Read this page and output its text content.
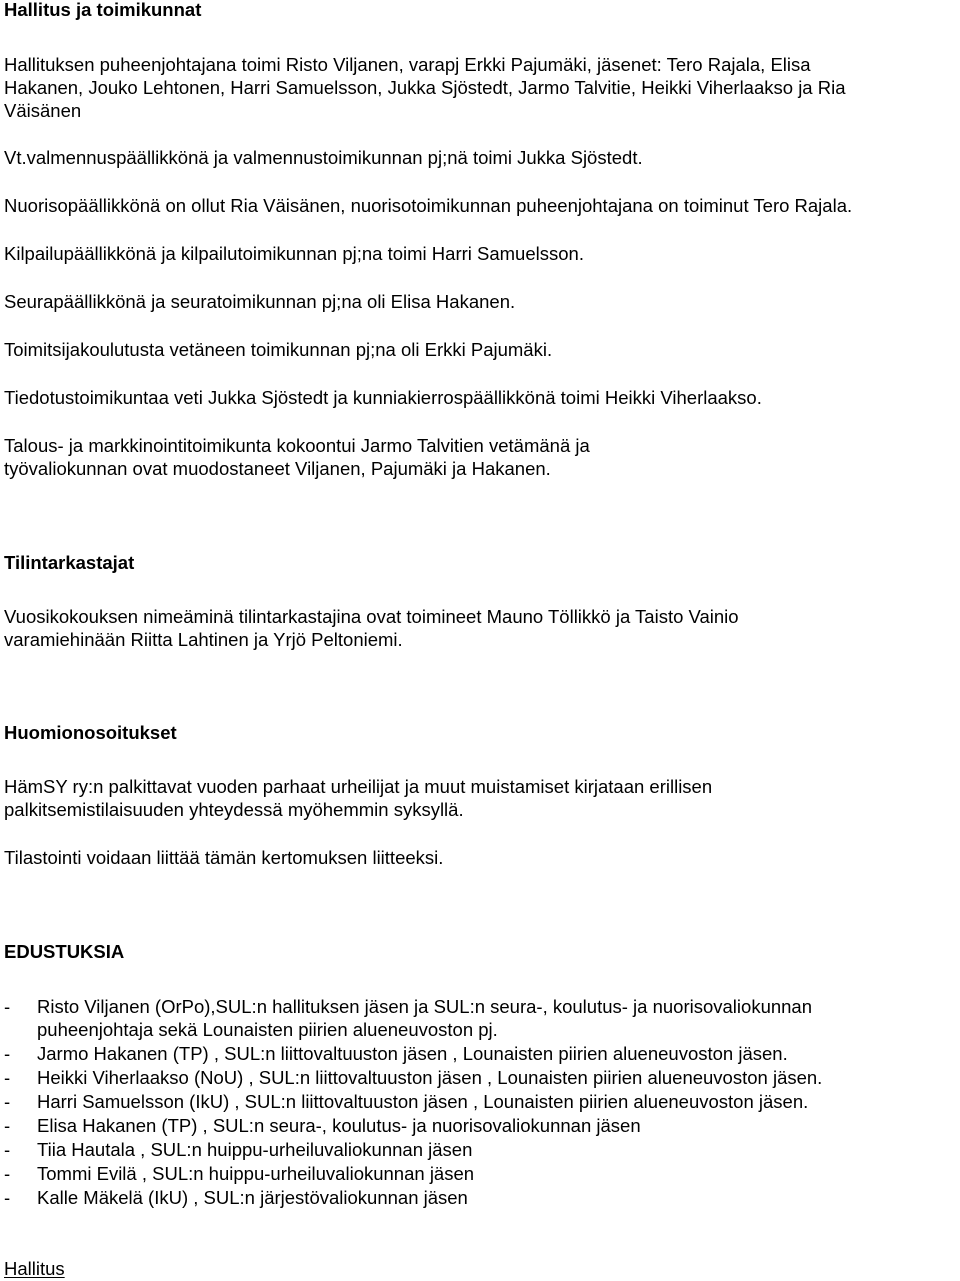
Hallitus ja toimikunnat
Hallituksen puheenjohtajana toimi Risto Viljanen, varapj Erkki Pajumäki, jäsenet: Tero Rajala, Elisa
Hakanen, Jouko Lehtonen, Harri Samuelsson, Jukka Sjöstedt, Jarmo Talvitie, Heikki Viherlaakso ja Ria
Väisänen
Vt.valmennuspäällikkönä ja valmennustoimikunnan pj;nä toimi Jukka Sjöstedt.
Nuorisopäällikkönä on ollut Ria Väisänen, nuorisotoimikunnan puheenjohtajana on toiminut Tero Rajala.
Kilpailupäällikkönä ja kilpailutoimikunnan pj;na toimi Harri Samuelsson.
Seurapäällikkönä ja seuratoimikunnan pj;na oli Elisa Hakanen.
Toimitsijakoulutusta vetäneen toimikunnan pj;na oli Erkki Pajumäki.
Tiedotustoimikuntaa veti Jukka Sjöstedt ja kunniakierrospäällikkönä toimi Heikki Viherlaakso.
Talous- ja markkinointitoimikunta kokoontui Jarmo Talvitien vetämänä ja
työvaliokunnan ovat muodostaneet Viljanen, Pajumäki ja Hakanen.
Tilintarkastajat
Vuosikokouksen nimeäminä tilintarkastajina ovat toimineet Mauno Töllikkö ja Taisto Vainio
varamiehinään Riitta Lahtinen ja Yrjö Peltoniemi.
Huomionosoitukset
HämSY ry:n palkittavat vuoden parhaat urheilijat ja muut muistamiset kirjataan erillisen
palkitsemistilaisuuden yhteydessä myöhemmin syksyllä.
Tilastointi voidaan liittää tämän kertomuksen liitteeksi.
EDUSTUKSIA
- Risto Viljanen (OrPo),SUL:n hallituksen jäsen ja SUL:n seura-, koulutus- ja nuorisovaliokunnan
puheenjohtaja sekä Lounaisten piirien alueneuvoston pj.
- Jarmo Hakanen (TP) , SUL:n liittovaltuuston jäsen , Lounaisten piirien alueneuvoston jäsen.
- Heikki Viherlaakso (NoU) , SUL:n liittovaltuuston jäsen , Lounaisten piirien alueneuvoston jäsen.
- Harri Samuelsson (IkU) , SUL:n liittovaltuuston jäsen , Lounaisten piirien alueneuvoston jäsen.
- Elisa Hakanen (TP) , SUL:n seura-, koulutus- ja nuorisovaliokunnan jäsen
- Tiia Hautala , SUL:n huippu-urheiluvaliokunnan jäsen
- Tommi Evilä , SUL:n huippu-urheiluvaliokunnan jäsen
- Kalle Mäkelä (IkU) , SUL:n järjestövaliokunnan jäsen
Hallitus
